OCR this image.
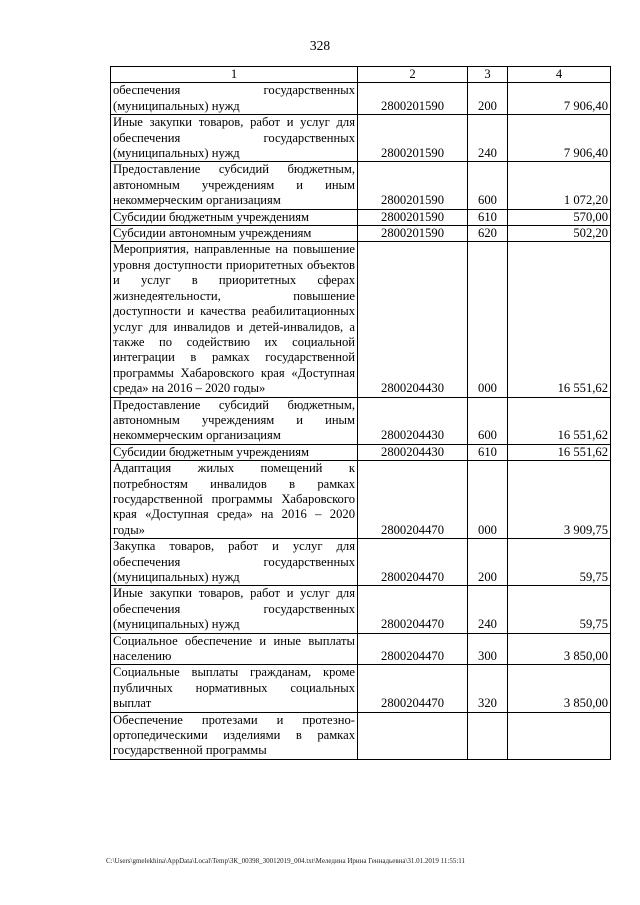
328
1	2	3	4
обеспечения государственных (муниципальных) нужд	2800201590	200	7 906,40
Иные закупки товаров, работ и услуг для обеспечения государственных (муниципальных) нужд	2800201590	240	7 906,40
Предоставление субсидий бюджетным, автономным учреждениям и иным некоммерческим организациям	2800201590	600	1 072,20
Субсидии бюджетным учреждениям	2800201590	610	570,00
Субсидии автономным учреждениям	2800201590	620	502,20
Мероприятия, направленные на повышение уровня доступности приоритетных объектов и услуг в приоритетных сферах жизнедеятельности, повышение доступности и качества реабилитационных услуг для инвалидов и детей-инвалидов, а также по содействию их социальной интеграции в рамках государственной программы Хабаровского края «Доступная среда» на 2016 – 2020 годы»	2800204430	000	16 551,62
Предоставление субсидий бюджетным, автономным учреждениям и иным некоммерческим организациям	2800204430	600	16 551,62
Субсидии бюджетным учреждениям	2800204430	610	16 551,62
Адаптация жилых помещений к потребностям инвалидов в рамках государственной программы Хабаровского края «Доступная среда» на 2016 – 2020 годы»	2800204470	000	3 909,75
Закупка товаров, работ и услуг для обеспечения государственных (муниципальных) нужд	2800204470	200	59,75
Иные закупки товаров, работ и услуг для обеспечения государственных (муниципальных) нужд	2800204470	240	59,75
Социальное обеспечение и иные выплаты населению	2800204470	300	3 850,00
Социальные выплаты гражданам, кроме публичных нормативных социальных выплат	2800204470	320	3 850,00
Обеспечение протезами и протезно-ортопедическими изделиями в рамках государственной программы			
C:\Users\gmelekhina\AppData\Local\Temp\ЗК_00398_30012019_004.txt\Меледина Ирина Геннадьевна\31.01.2019 11:55:11
